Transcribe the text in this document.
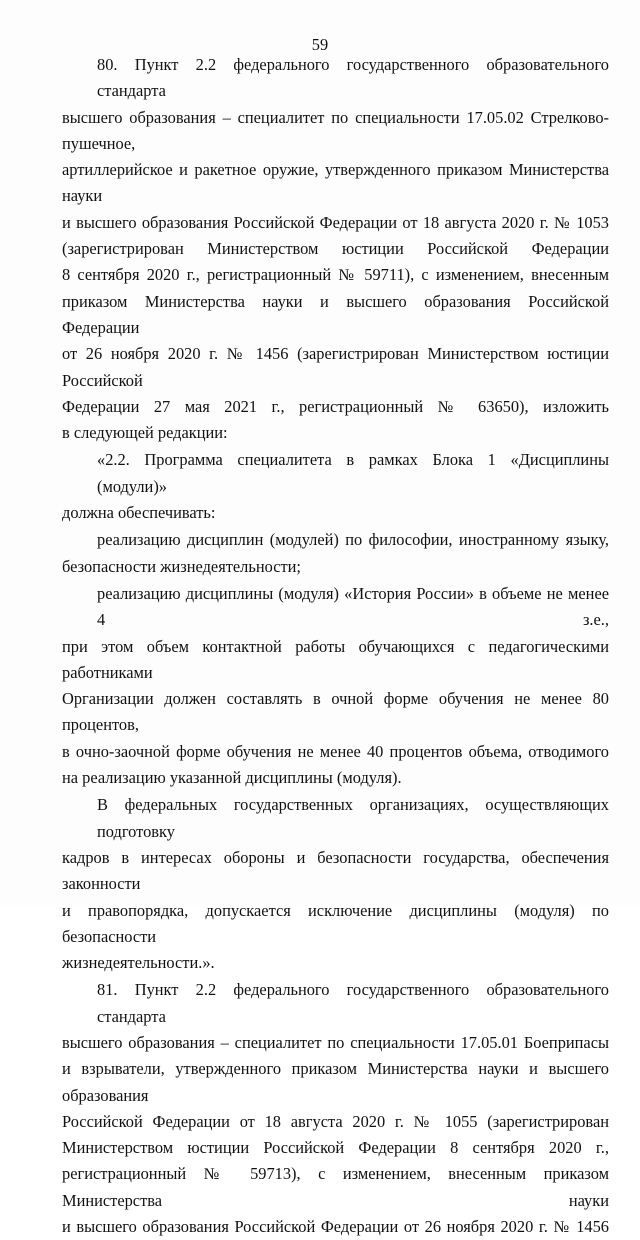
59
80. Пункт 2.2 федерального государственного образовательного стандарта
высшего образования – специалитет по специальности 17.05.02 Стрелково-пушечное,
артиллерийское и ракетное оружие, утвержденного приказом Министерства науки
и высшего образования Российской Федерации от 18 августа 2020 г. № 1053
(зарегистрирован Министерством юстиции Российской Федерации
8 сентября 2020 г., регистрационный № 59711), с изменением, внесенным
приказом Министерства науки и высшего образования Российской Федерации
от 26 ноября 2020 г. № 1456 (зарегистрирован Министерством юстиции Российской
Федерации 27 мая 2021 г., регистрационный № 63650), изложить
в следующей редакции:
«2.2. Программа специалитета в рамках Блока 1 «Дисциплины (модули)»
должна обеспечивать:
реализацию дисциплин (модулей) по философии, иностранному языку,
безопасности жизнедеятельности;
реализацию дисциплины (модуля) «История России» в объеме не менее 4 з.е.,
при этом объем контактной работы обучающихся с педагогическими работниками
Организации должен составлять в очной форме обучения не менее 80 процентов,
в очно-заочной форме обучения не менее 40 процентов объема, отводимого
на реализацию указанной дисциплины (модуля).
В федеральных государственных организациях, осуществляющих подготовку
кадров в интересах обороны и безопасности государства, обеспечения законности
и правопорядка, допускается исключение дисциплины (модуля) по безопасности
жизнедеятельности.».
81. Пункт 2.2 федерального государственного образовательного стандарта
высшего образования – специалитет по специальности 17.05.01 Боеприпасы
и взрыватели, утвержденного приказом Министерства науки и высшего образования
Российской Федерации от 18 августа 2020 г. № 1055 (зарегистрирован
Министерством юстиции Российской Федерации 8 сентября 2020 г.,
регистрационный № 59713), с изменением, внесенным приказом Министерства науки
и высшего образования Российской Федерации от 26 ноября 2020 г. № 1456
